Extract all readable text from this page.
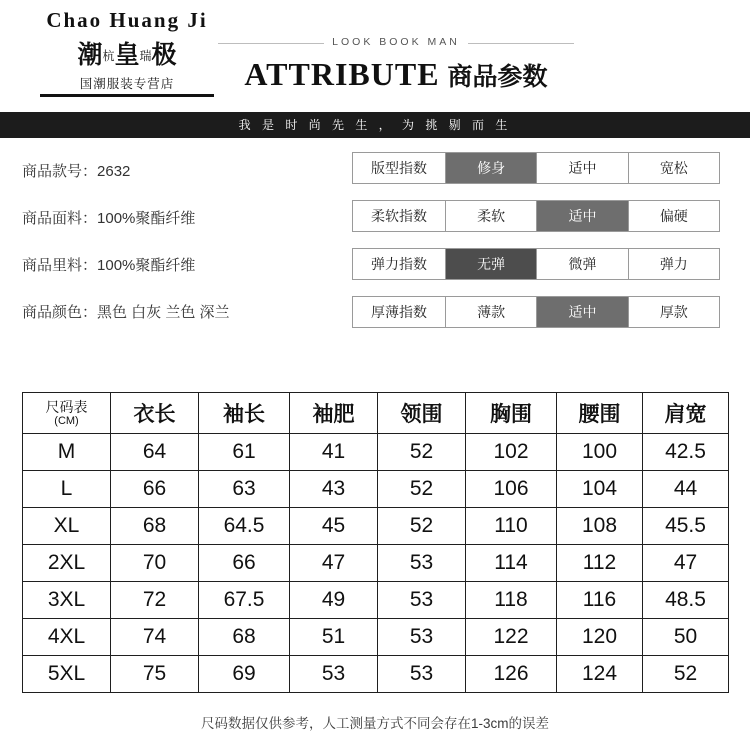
Chao Huang Ji
潮杭皇瑞极
国潮服装专营店
LOOK BOOK MAN
ATTRIBUTE 商品参数
我 是 时 尚 先 生 ， 为 挑 剔 而 生
商品款号：2632
商品面料：100%聚酯纤维
商品里料：100%聚酯纤维
商品颜色：黑色 白灰 兰色 深兰
版型指数	修身	适中	宽松
柔软指数	柔软	适中	偏硬
弹力指数	无弹	微弹	弹力
厚薄指数	薄款	适中	厚款
尺码表
(CM)	衣长	袖长	袖肥	领围	胸围	腰围	肩宽
M	64	61	41	52	102	100	42.5
L	66	63	43	52	106	104	44
XL	68	64.5	45	52	110	108	45.5
2XL	70	66	47	53	114	112	47
3XL	72	67.5	49	53	118	116	48.5
4XL	74	68	51	53	122	120	50
5XL	75	69	53	53	126	124	52
尺码数据仅供参考，人工测量方式不同会存在1-3cm的误差
